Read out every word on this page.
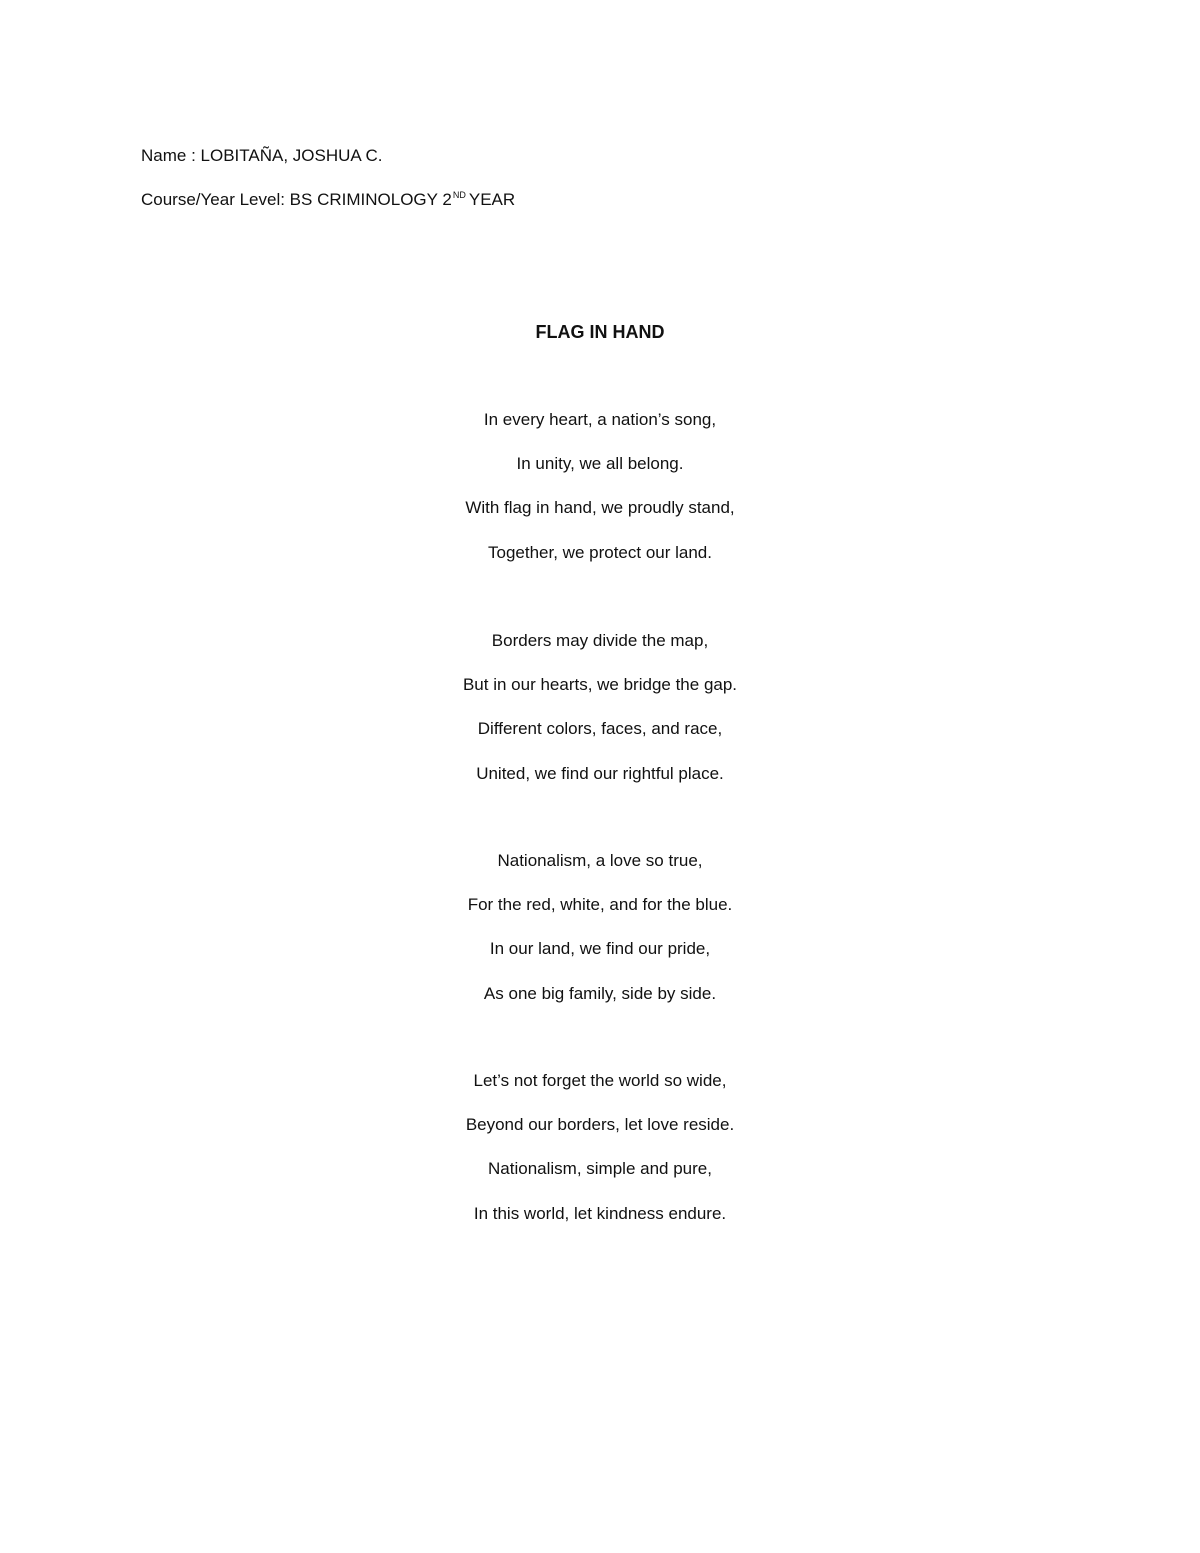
Name : LOBITAÑA, JOSHUA C.
Course/Year Level: BS CRIMINOLOGY 2ND YEAR
FLAG IN HAND
In every heart, a nation’s song,
In unity, we all belong.
With flag in hand, we proudly stand,
Together, we protect our land.
Borders may divide the map,
But in our hearts, we bridge the gap.
Different colors, faces, and race,
United, we find our rightful place.
Nationalism, a love so true,
For the red, white, and for the blue.
In our land, we find our pride,
As one big family, side by side.
Let’s not forget the world so wide,
Beyond our borders, let love reside.
Nationalism, simple and pure,
In this world, let kindness endure.
